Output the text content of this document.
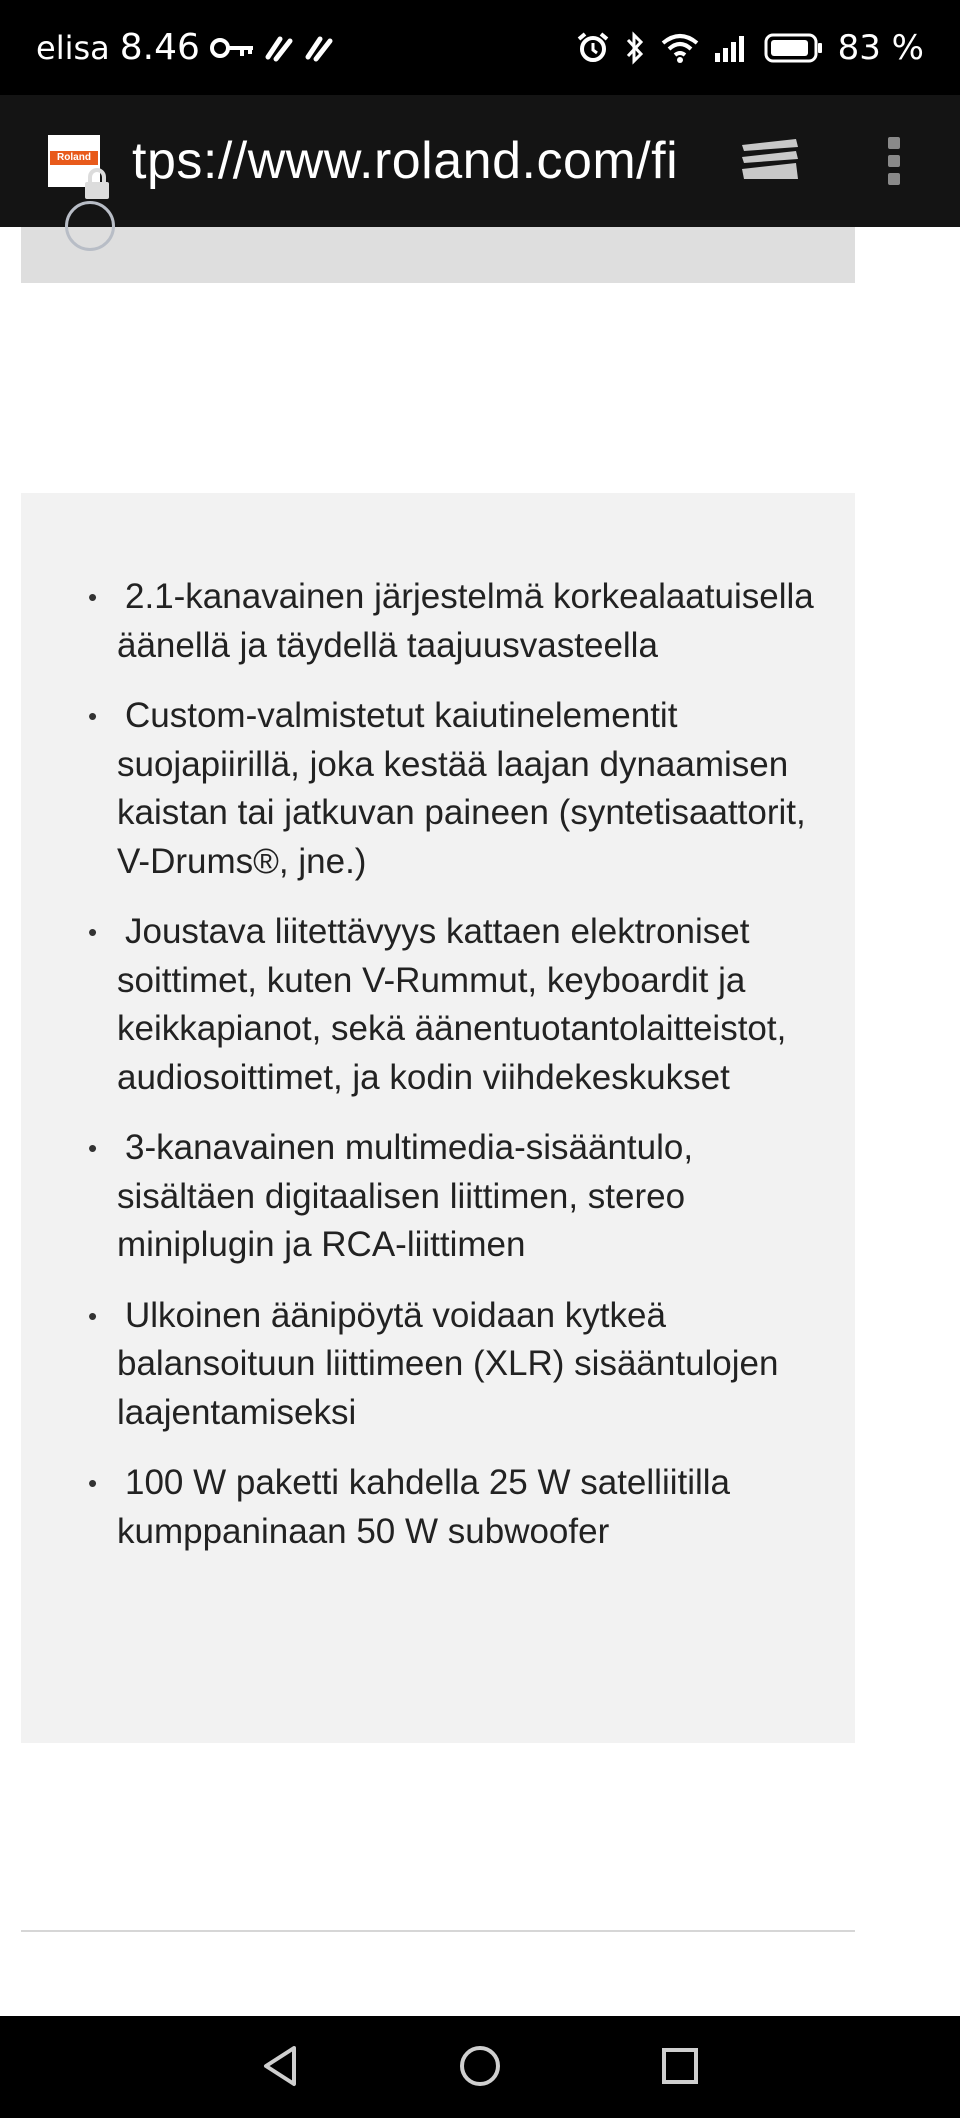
elisa 8.46	83 %
Roland tps://www.roland.com/fi
• 2.1-kanavainen järjestelmä korkealaatuisella äänellä ja täydellä taajuusvasteella
• Custom-valmistetut kaiutinelementit suojapiirillä, joka kestää laajan dynaamisen kaistan tai jatkuvan paineen (syntetisaattorit, V-Drums®, jne.)
• Joustava liitettävyys kattaen elektroniset soittimet, kuten V-Rummut, keyboardit ja keikkapianot, sekä äänentuotantolaitteistot, audiosoittimet, ja kodin viihdekeskukset
• 3-kanavainen multimedia-sisääntulo, sisältäen digitaalisen liittimen, stereo miniplugin ja RCA-liittimen
• Ulkoinen äänipöytä voidaan kytkeä balansoituun liittimeen (XLR) sisääntulojen laajentamiseksi
• 100 W paketti kahdella 25 W satelliitilla kumppaninaan 50 W subwoofer
